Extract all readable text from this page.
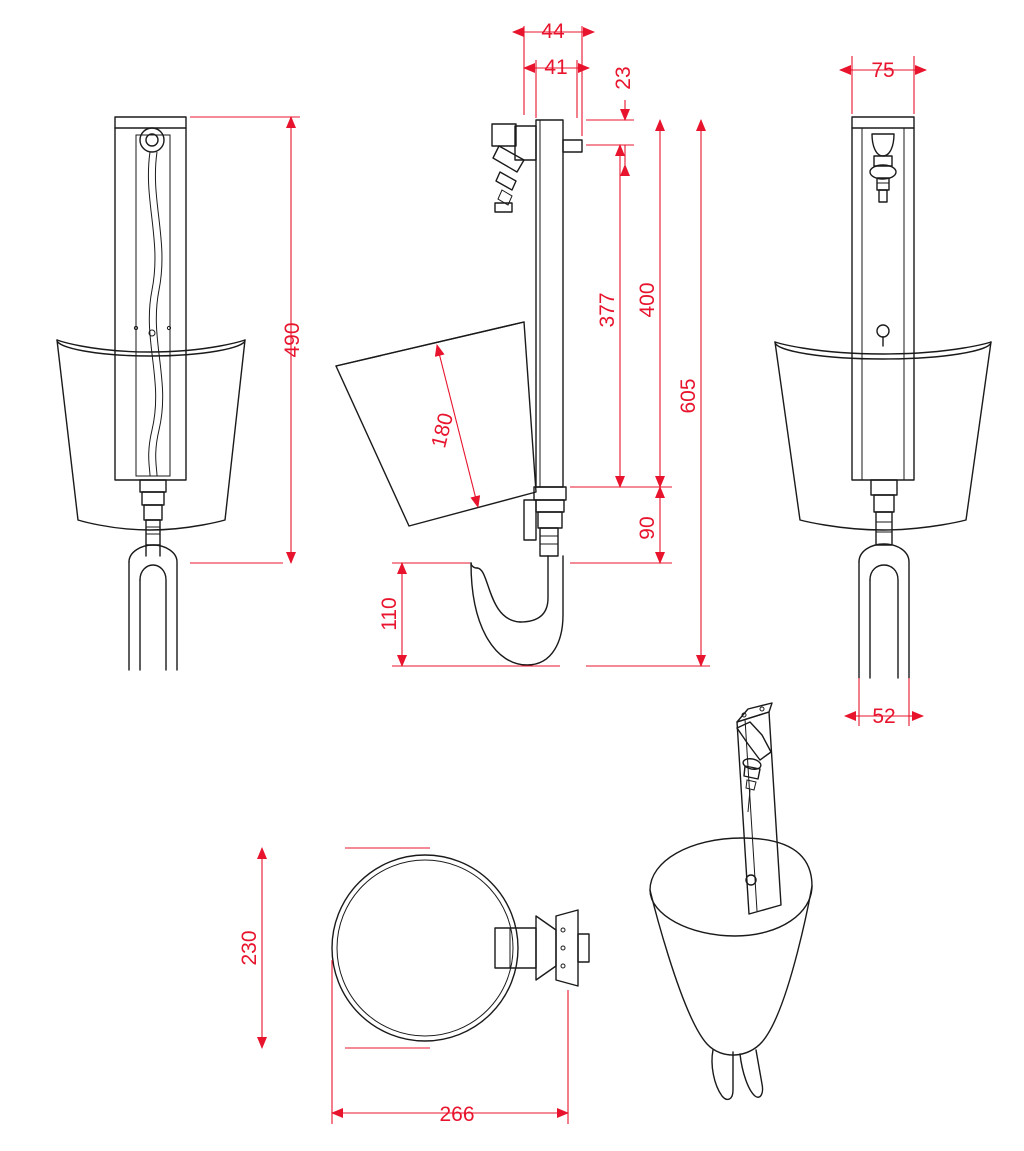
490
44
41 23
377 400
605
90
110
180
75
52
230
266
